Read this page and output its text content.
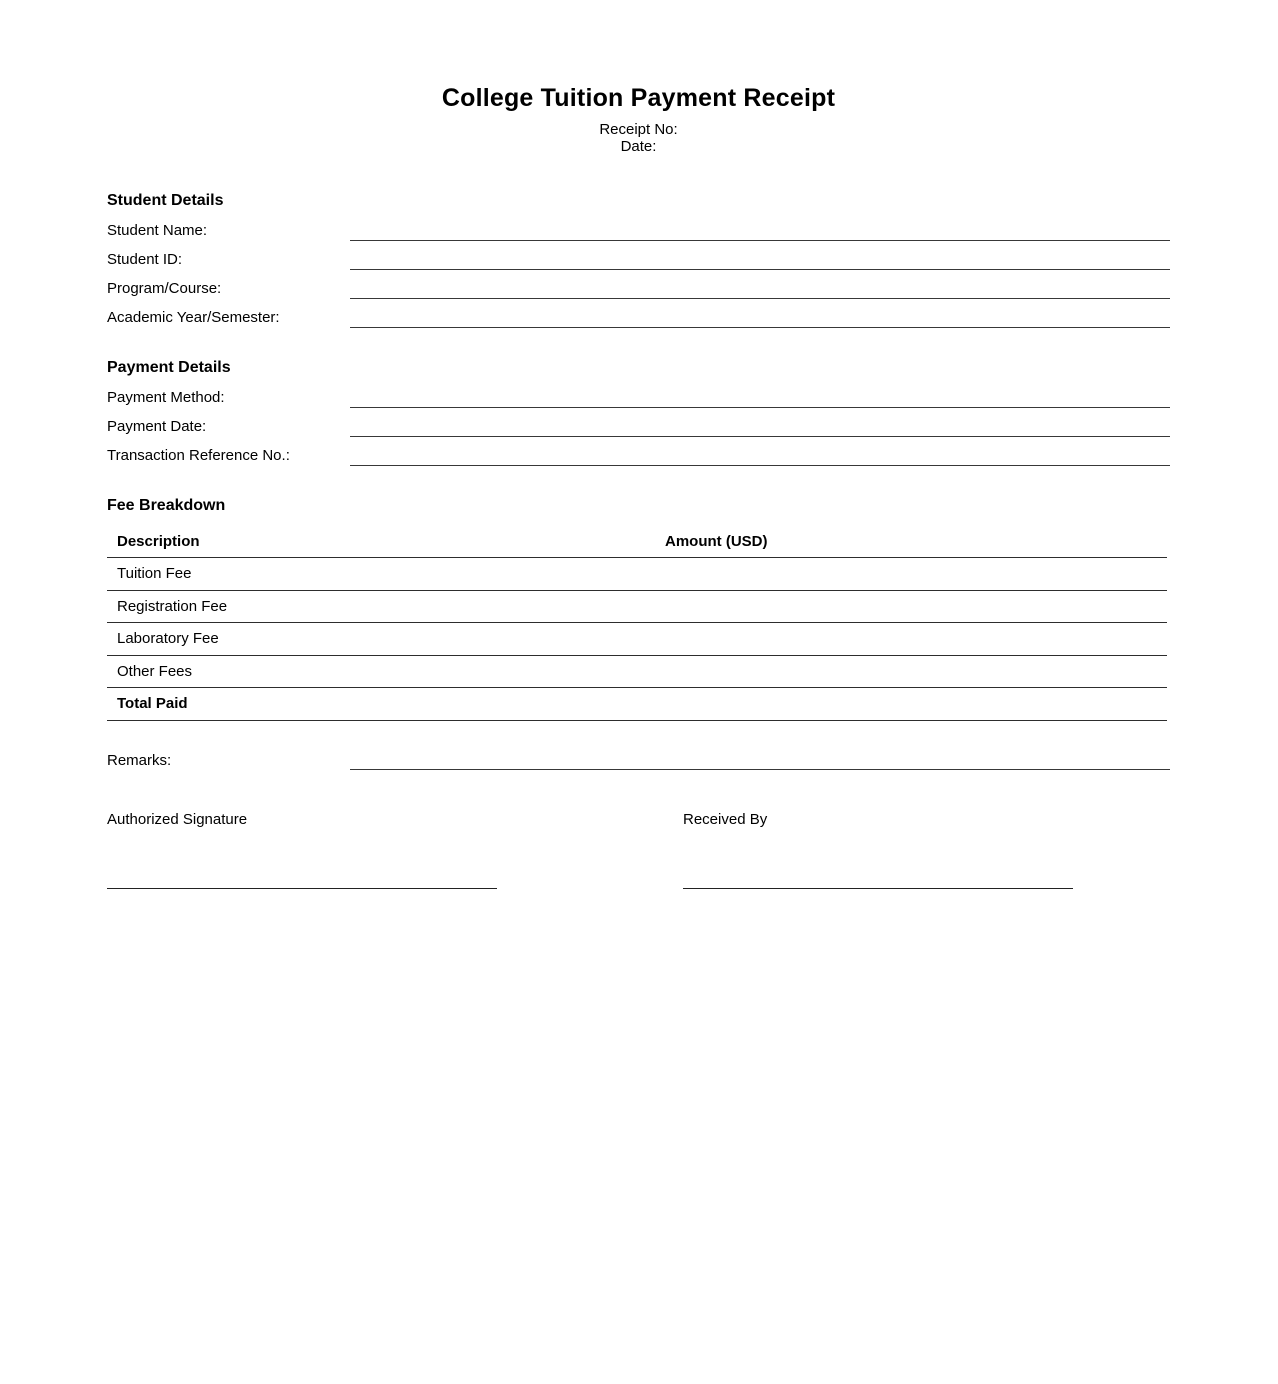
College Tuition Payment Receipt
Receipt No:
Date:
Student Details
Student Name:
Student ID:
Program/Course:
Academic Year/Semester:
Payment Details
Payment Method:
Payment Date:
Transaction Reference No.:
Fee Breakdown
Description	Amount (USD)
Tuition Fee
Registration Fee
Laboratory Fee
Other Fees
Total Paid
Remarks:
Authorized Signature	Received By
